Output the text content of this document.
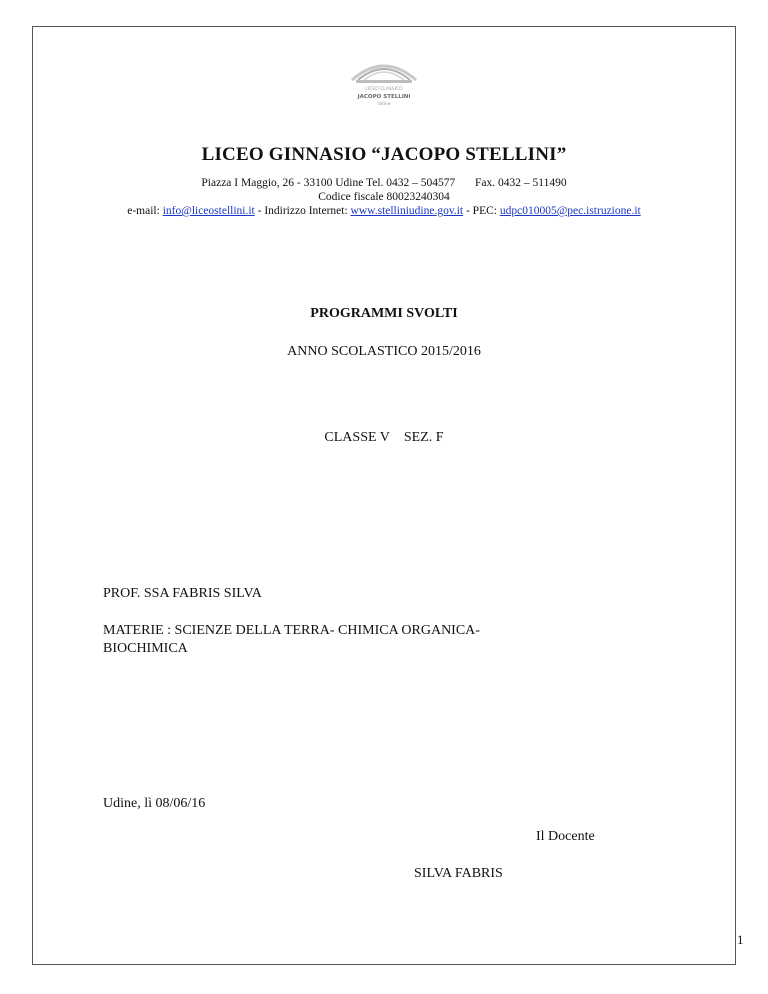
LICEO CLASSICO
JACOPO STELLINI
Udine
LICEO GINNASIO “JACOPO STELLINI”
Piazza I Maggio, 26 - 33100 Udine Tel. 0432 – 504577 Fax. 0432 – 511490
Codice fiscale 80023240304
e-mail: info@liceostellini.it - Indirizzo Internet: www.stelliniudine.gov.it - PEC: udpc010005@pec.istruzione.it
PROGRAMMI SVOLTI
ANNO SCOLASTICO 2015/2016
CLASSE V SEZ. F
PROF. SSA FABRIS SILVA
MATERIE : SCIENZE DELLA TERRA- CHIMICA ORGANICA-
BIOCHIMICA
Udine, lì 08/06/16
Il Docente
SILVA FABRIS
1
